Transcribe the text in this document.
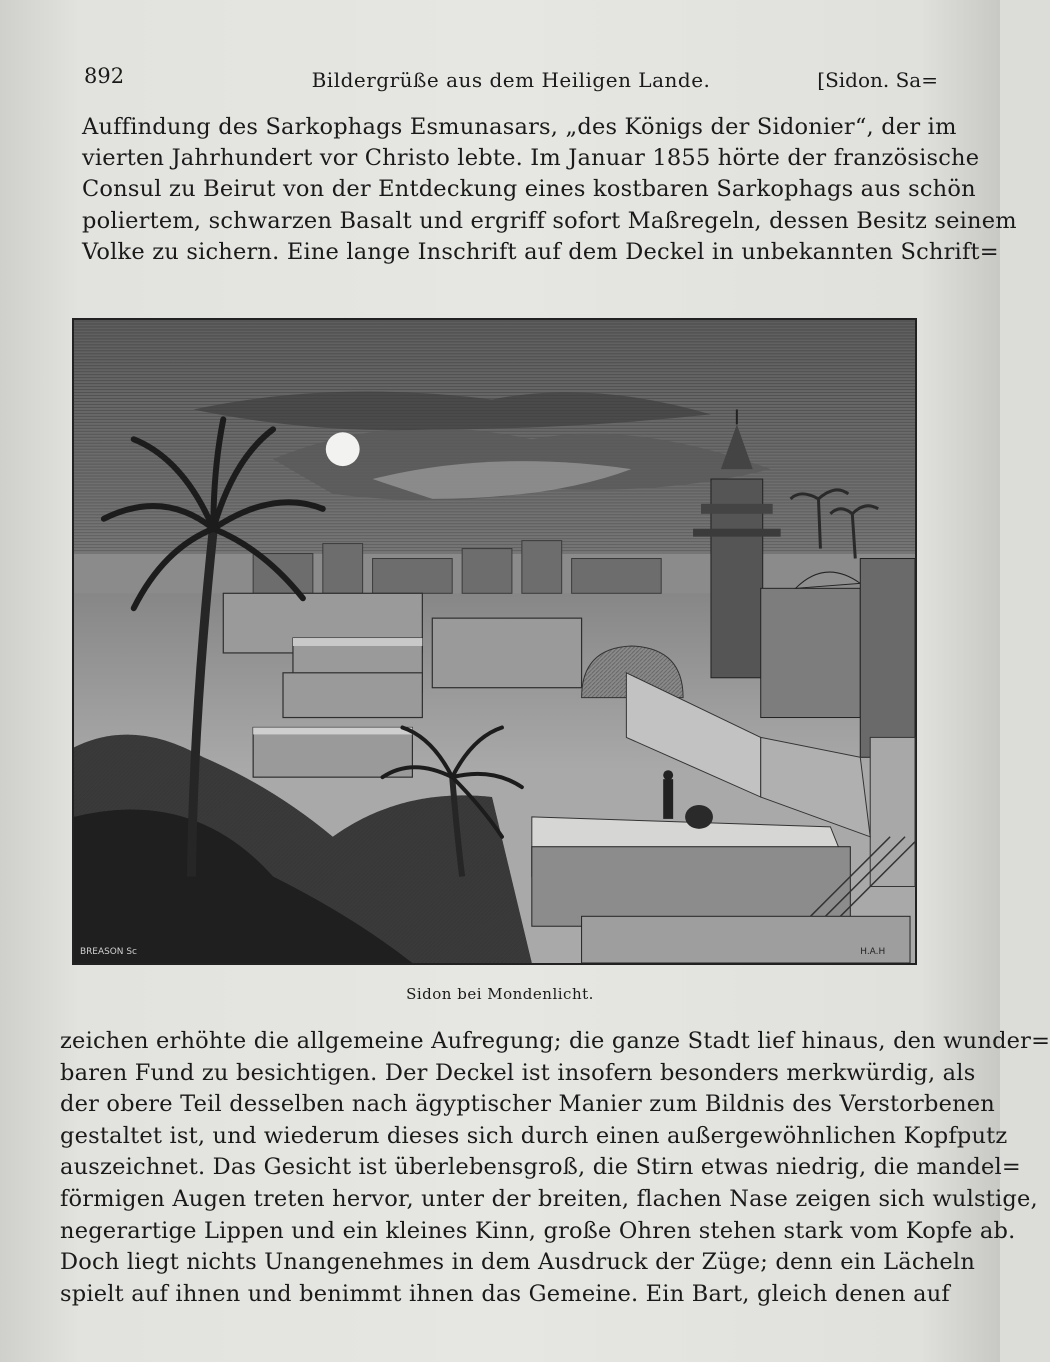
892	Bildergrüße aus dem Heiligen Lande.	[Sidon. Sa=
Auffindung des Sarkophags Esmunasars, „des Königs der Sidonier“, der im
vierten Jahrhundert vor Christo lebte. Im Januar 1855 hörte der französische
Consul zu Beirut von der Entdeckung eines kostbaren Sarkophags aus schön
poliertem, schwarzen Basalt und ergriff sofort Maßregeln, dessen Besitz seinem
Volke zu sichern. Eine lange Inschrift auf dem Deckel in unbekannten Schrift=
BREASON Sc	H.A.H
Sidon bei Mondenlicht.
zeichen erhöhte die allgemeine Aufregung; die ganze Stadt lief hinaus, den wunder=
baren Fund zu besichtigen. Der Deckel ist insofern besonders merkwürdig, als
der obere Teil desselben nach ägyptischer Manier zum Bildnis des Verstorbenen
gestaltet ist, und wiederum dieses sich durch einen außergewöhnlichen Kopfputz
auszeichnet. Das Gesicht ist überlebensgroß, die Stirn etwas niedrig, die mandel=
förmigen Augen treten hervor, unter der breiten, flachen Nase zeigen sich wulstige,
negerartige Lippen und ein kleines Kinn, große Ohren stehen stark vom Kopfe ab.
Doch liegt nichts Unangenehmes in dem Ausdruck der Züge; denn ein Lächeln
spielt auf ihnen und benimmt ihnen das Gemeine. Ein Bart, gleich denen auf
